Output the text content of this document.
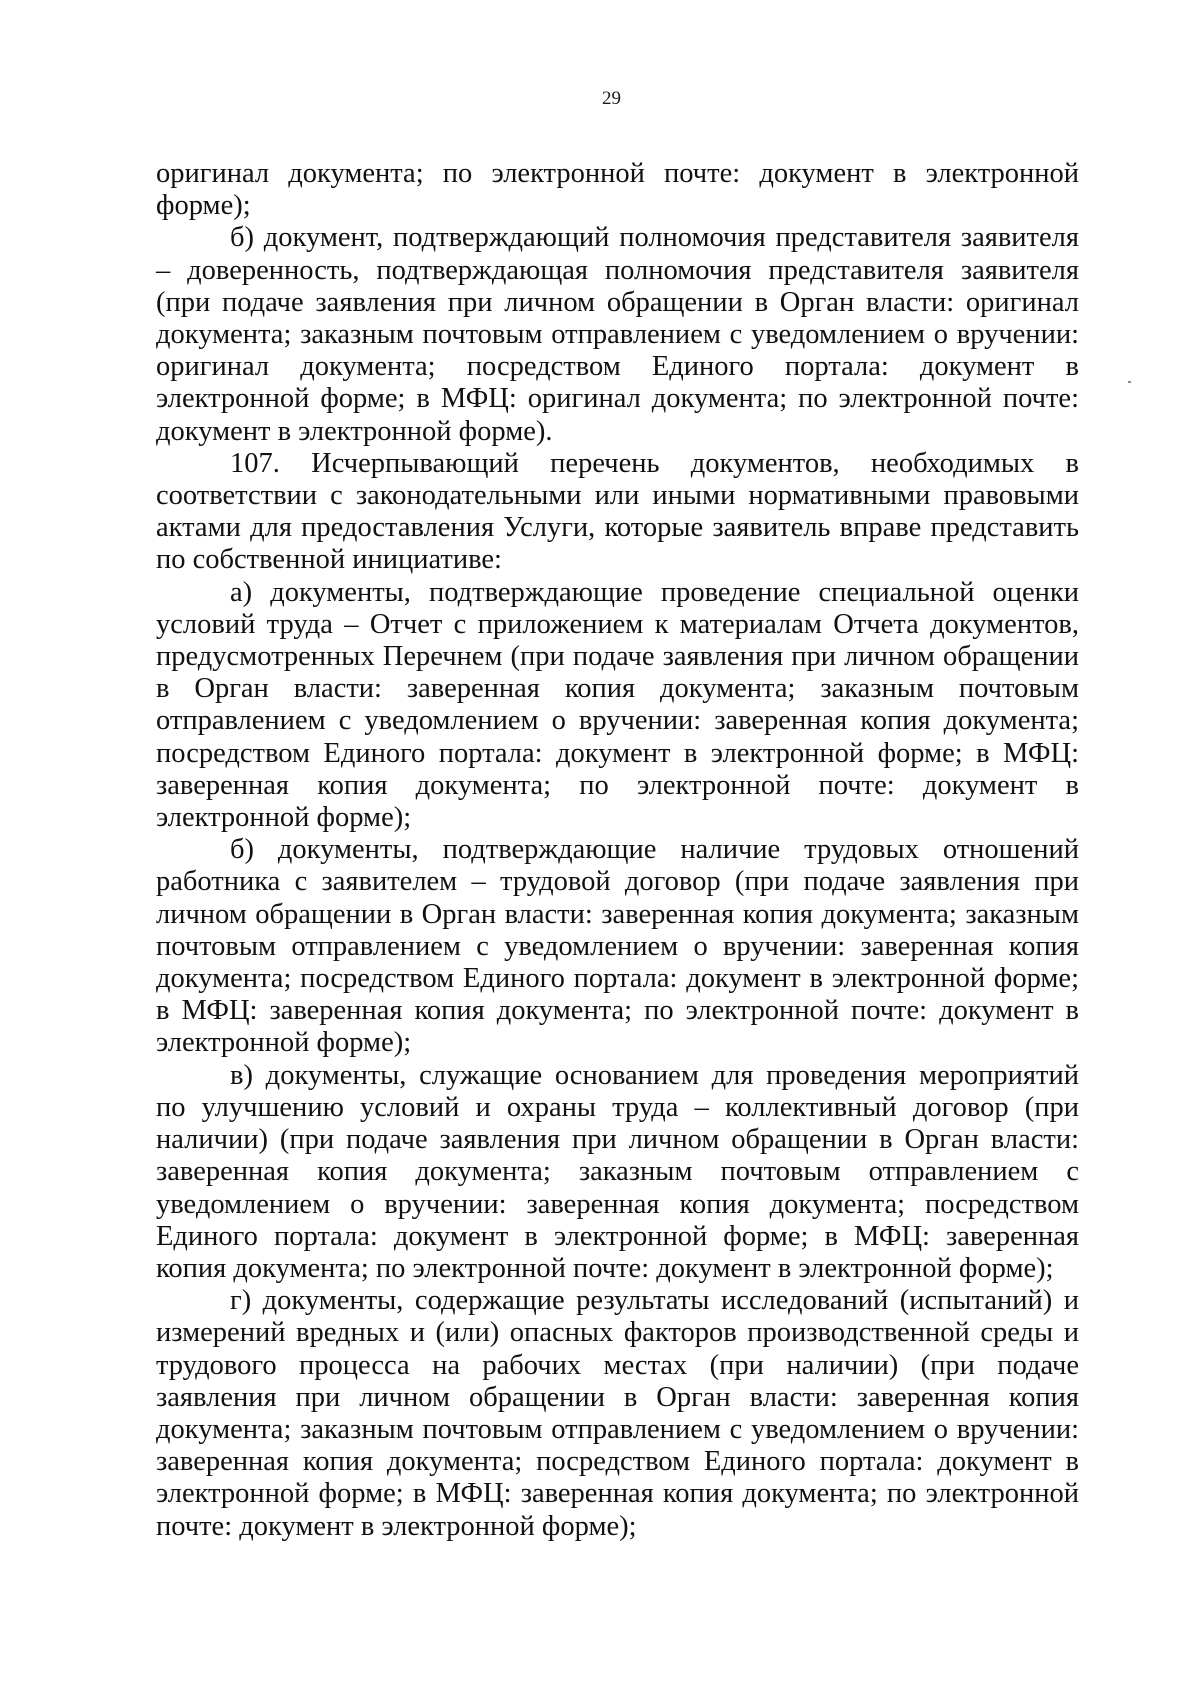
29

оригинал документа; по электронной почте: документ в электронной форме);

б) документ, подтверждающий полномочия представителя заявителя – доверенность, подтверждающая полномочия представителя заявителя (при подаче заявления при личном обращении в Орган власти: оригинал документа; заказным почтовым отправлением с уведомлением о вручении: оригинал документа; посредством Единого портала: документ в электронной форме; в МФЦ: оригинал документа; по электронной почте: документ в электронной форме).

107. Исчерпывающий перечень документов, необходимых в соответствии с законодательными или иными нормативными правовыми актами для предоставления Услуги, которые заявитель вправе представить по собственной инициативе:

а) документы, подтверждающие проведение специальной оценки условий труда – Отчет с приложением к материалам Отчета документов, предусмотренных Перечнем (при подаче заявления при личном обращении в Орган власти: заверенная копия документа; заказным почтовым отправлением с уведомлением о вручении: заверенная копия документа; посредством Единого портала: документ в электронной форме; в МФЦ: заверенная копия документа; по электронной почте: документ в электронной форме);

б) документы, подтверждающие наличие трудовых отношений работника с заявителем – трудовой договор (при подаче заявления при личном обращении в Орган власти: заверенная копия документа; заказным почтовым отправлением с уведомлением о вручении: заверенная копия документа; посредством Единого портала: документ в электронной форме; в МФЦ: заверенная копия документа; по электронной почте: документ в электронной форме);

в) документы, служащие основанием для проведения мероприятий по улучшению условий и охраны труда – коллективный договор (при наличии) (при подаче заявления при личном обращении в Орган власти: заверенная копия документа; заказным почтовым отправлением с уведомлением о вручении: заверенная копия документа; посредством Единого портала: документ в электронной форме; в МФЦ: заверенная копия документа; по электронной почте: документ в электронной форме);

г) документы, содержащие результаты исследований (испытаний) и измерений вредных и (или) опасных факторов производственной среды и трудового процесса на рабочих местах (при наличии) (при подаче заявления при личном обращении в Орган власти: заверенная копия документа; заказным почтовым отправлением с уведомлением о вручении: заверенная копия документа; посредством Единого портала: документ в электронной форме; в МФЦ: заверенная копия документа; по электронной почте: документ в электронной форме);
